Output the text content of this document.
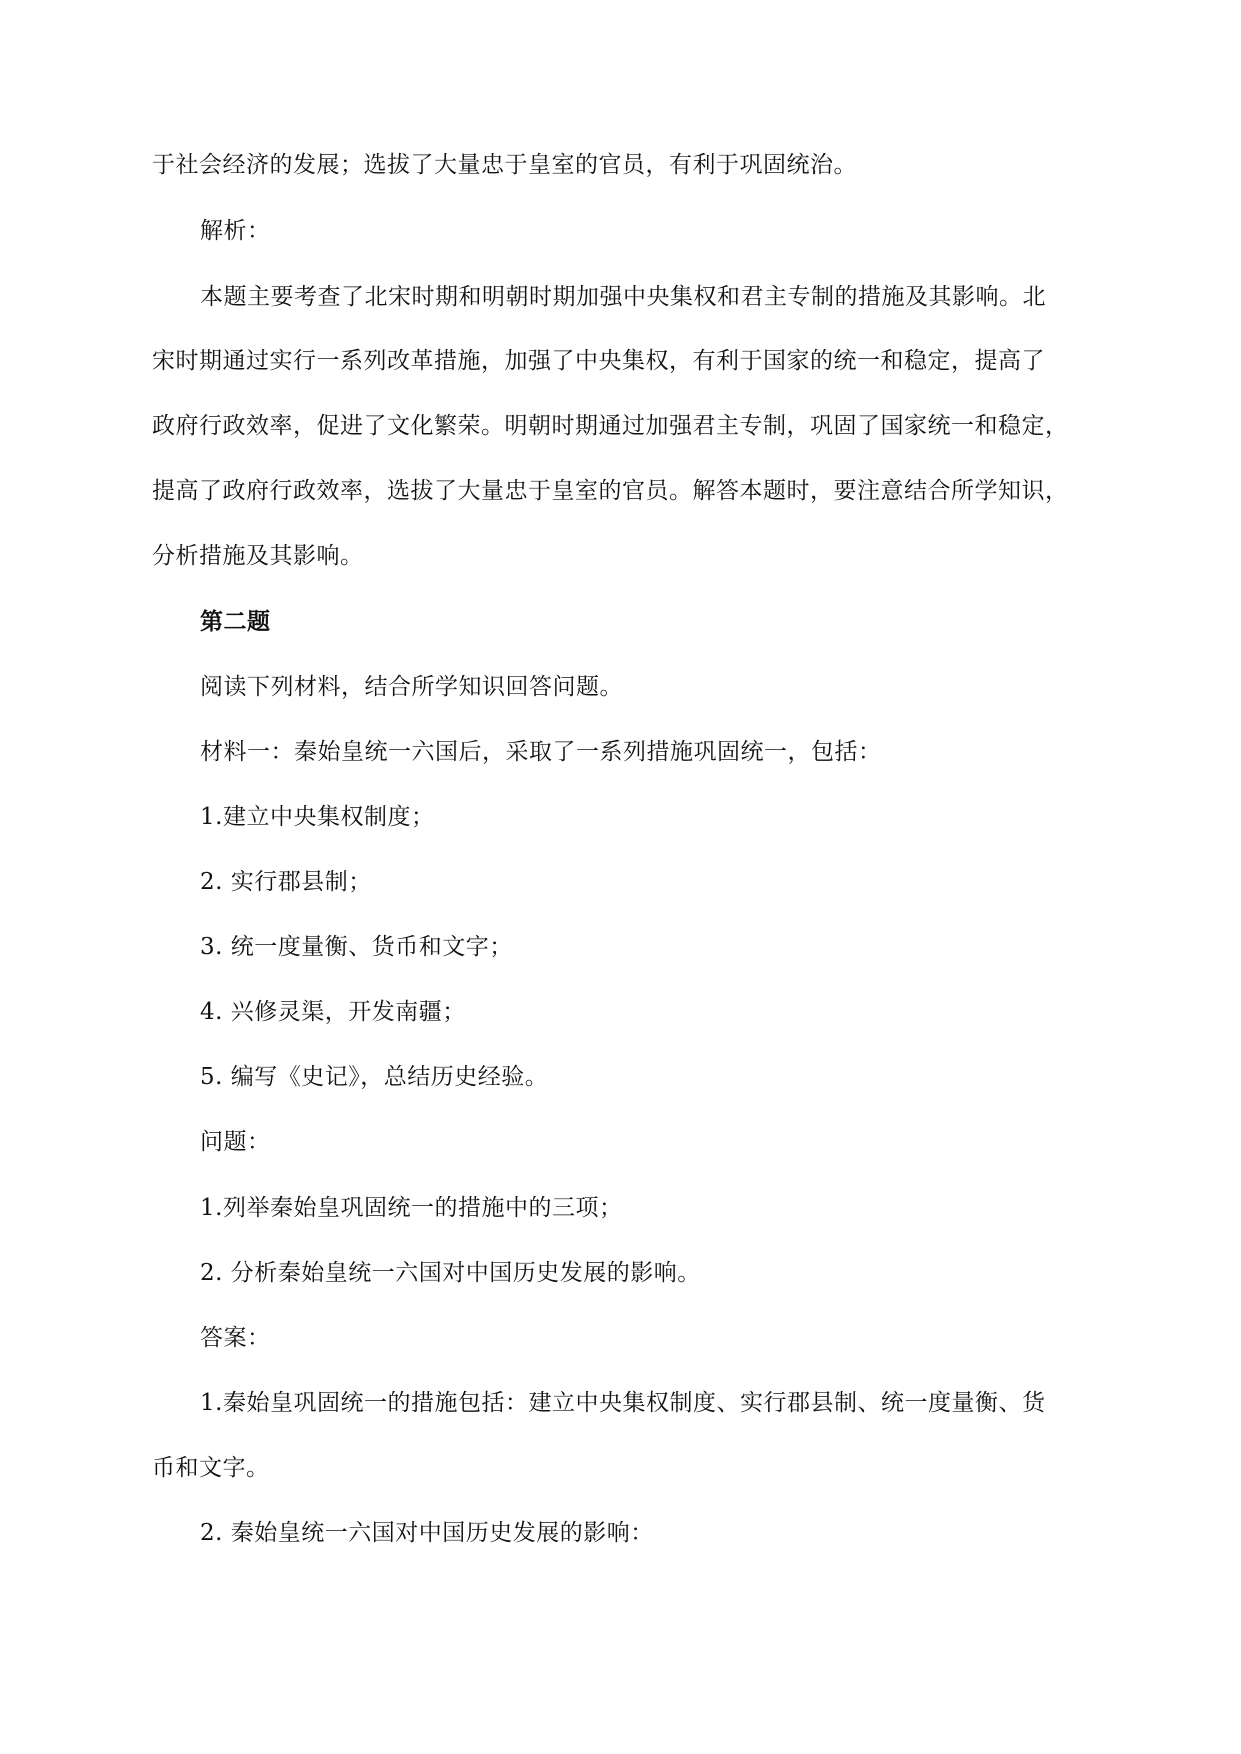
于社会经济的发展；选拔了大量忠于皇室的官员，有利于巩固统治。
解析：
本题主要考查了北宋时期和明朝时期加强中央集权和君主专制的措施及其影响。北
宋时期通过实行一系列改革措施，加强了中央集权，有利于国家的统一和稳定，提高了
政府行政效率，促进了文化繁荣。明朝时期通过加强君主专制，巩固了国家统一和稳定，
提高了政府行政效率，选拔了大量忠于皇室的官员。解答本题时，要注意结合所学知识，
分析措施及其影响。
第二题
阅读下列材料，结合所学知识回答问题。
材料一：秦始皇统一六国后，采取了一系列措施巩固统一，包括：
1.建立中央集权制度；
2. 实行郡县制；
3. 统一度量衡、货币和文字；
4. 兴修灵渠，开发南疆；
5. 编写《史记》，总结历史经验。
问题：
1.列举秦始皇巩固统一的措施中的三项；
2. 分析秦始皇统一六国对中国历史发展的影响。
答案：
1.秦始皇巩固统一的措施包括：建立中央集权制度、实行郡县制、统一度量衡、货
币和文字。
2. 秦始皇统一六国对中国历史发展的影响：
